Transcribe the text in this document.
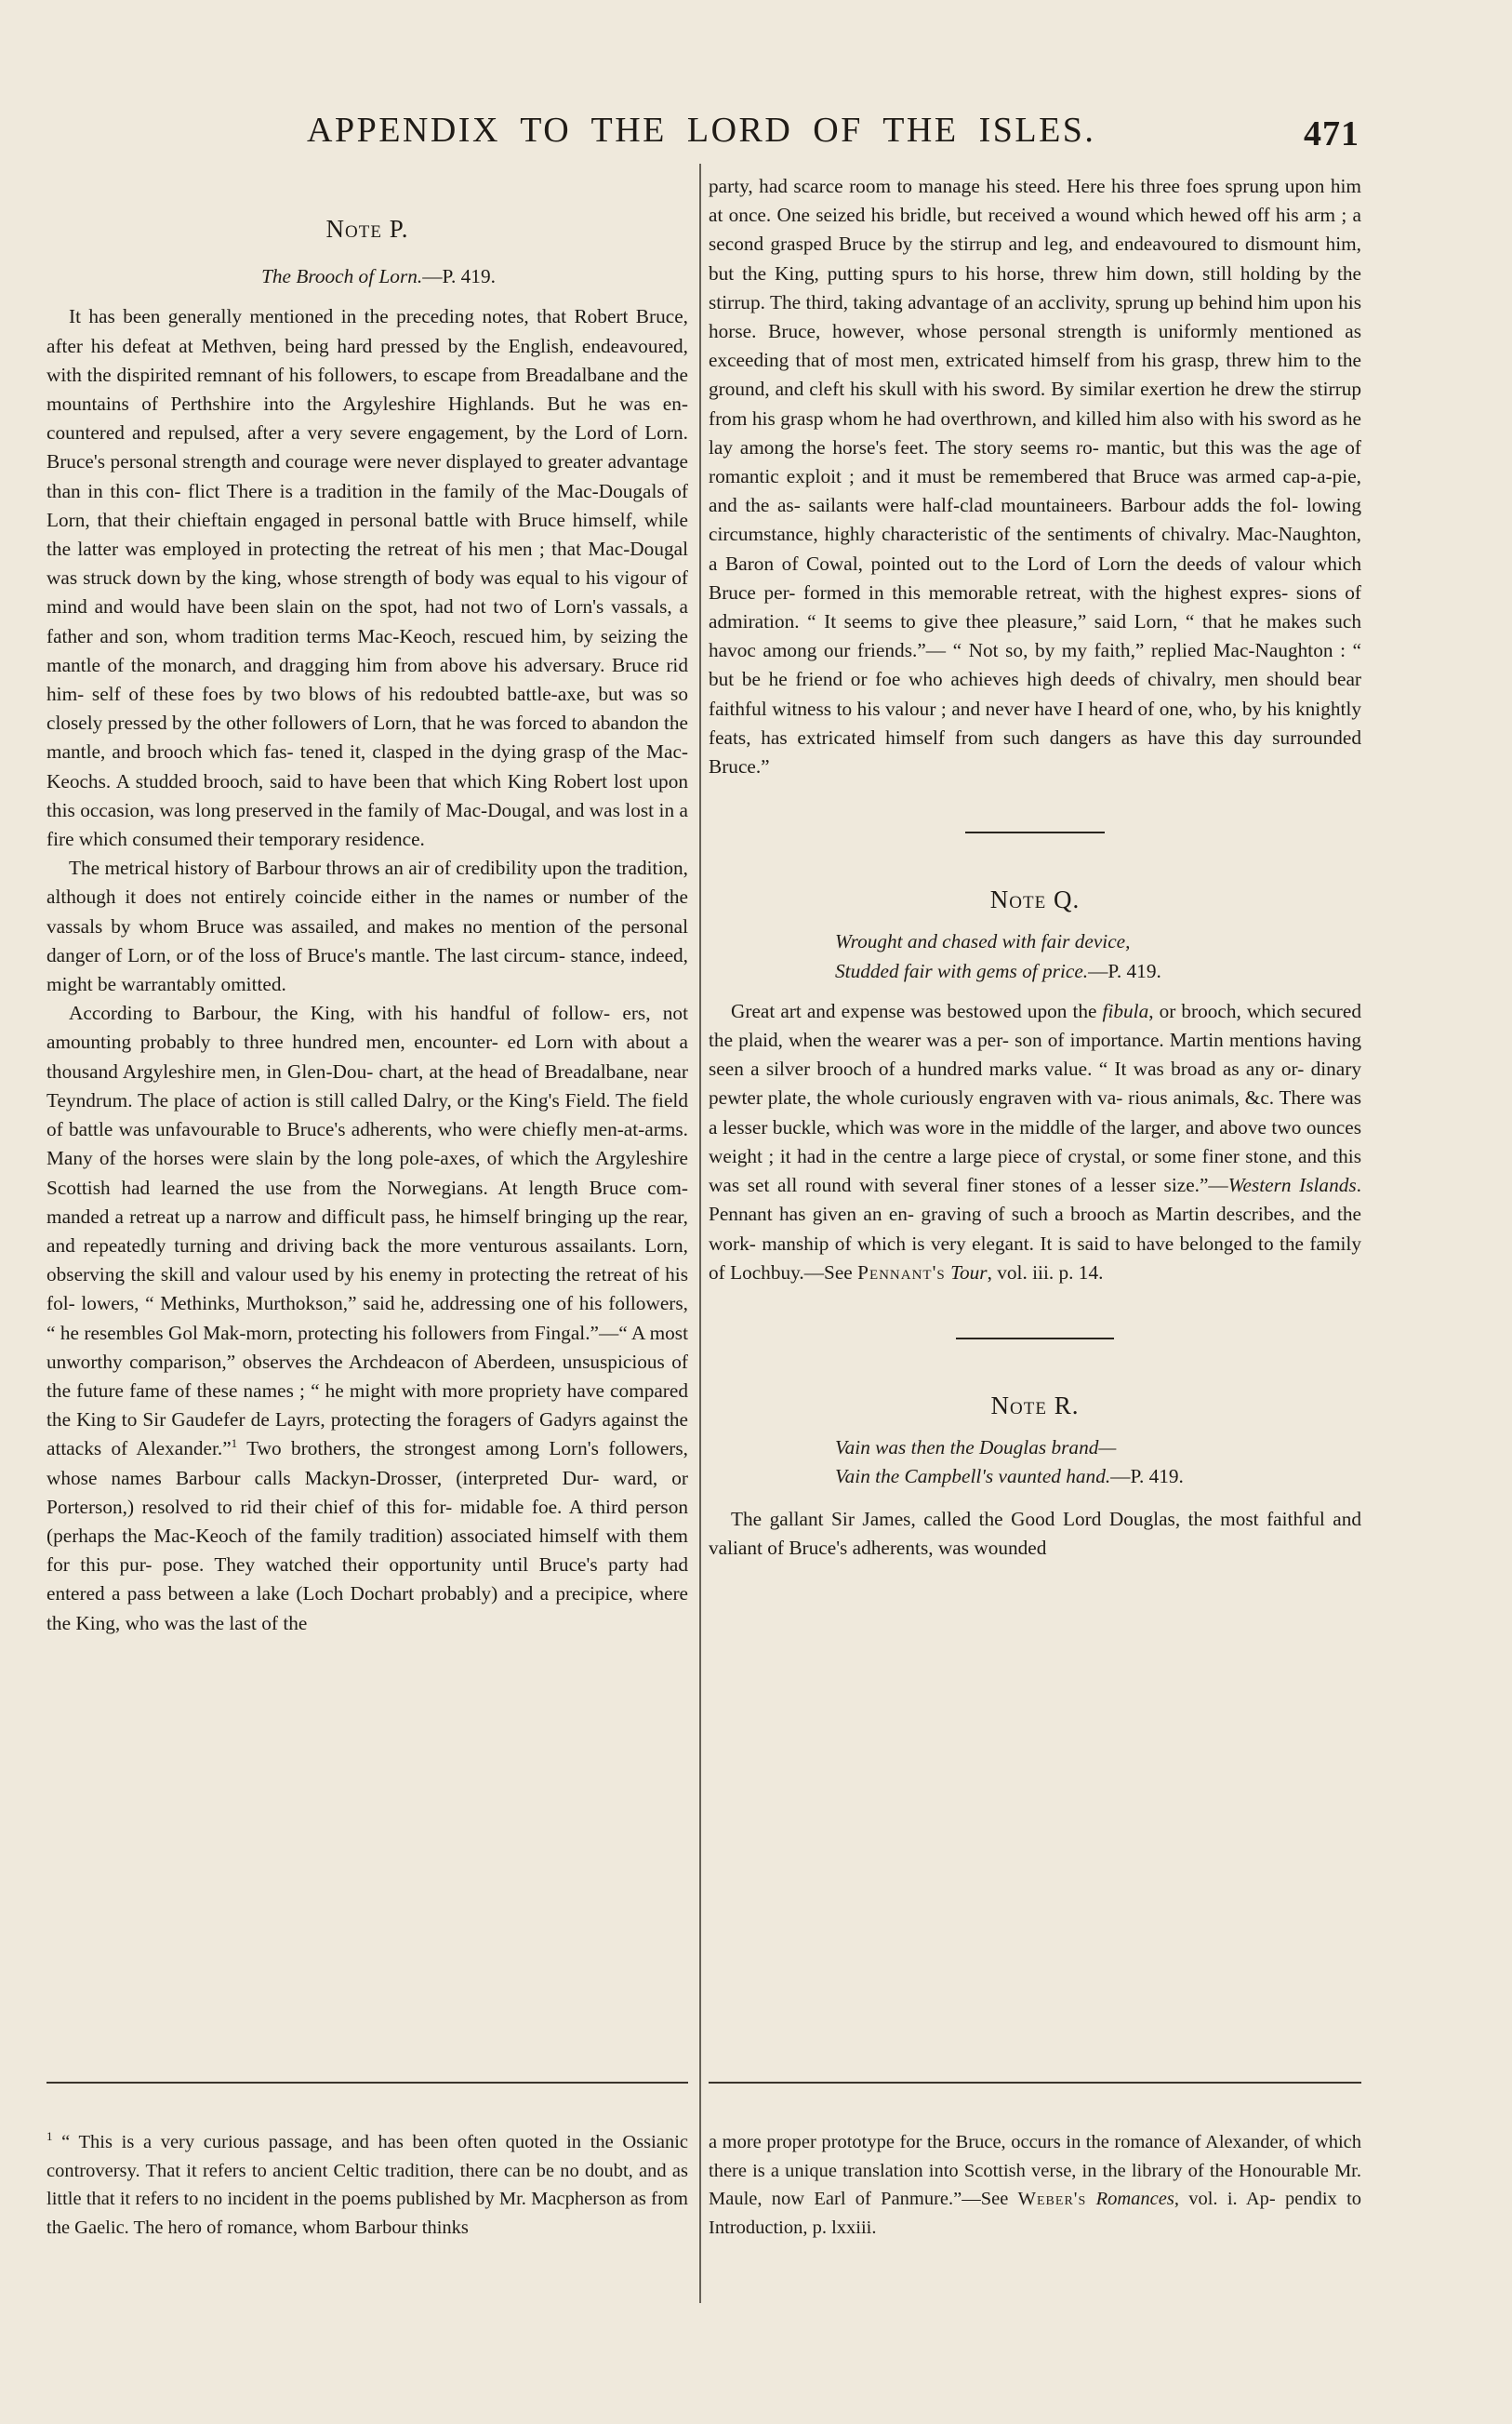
APPENDIX TO THE LORD OF THE ISLES.	471
Note P.

The Brooch of Lorn.—P. 419.

It has been generally mentioned in the preceding notes, that Robert Bruce, after his defeat at Methven, being hard pressed by the English, endeavoured, with the dispirited remnant of his followers, to escape from Breadalbane and the mountains of Perthshire into the Argyleshire Highlands. But he was en- countered and repulsed, after a very severe engagement, by the Lord of Lorn. Bruce's personal strength and courage were never displayed to greater advantage than in this con- flict There is a tradition in the family of the Mac-Dougals of Lorn, that their chieftain engaged in personal battle with Bruce himself, while the latter was employed in protecting the retreat of his men ; that Mac-Dougal was struck down by the king, whose strength of body was equal to his vigour of mind and would have been slain on the spot, had not two of Lorn's vassals, a father and son, whom tradition terms Mac-Keoch, rescued him, by seizing the mantle of the monarch, and dragging him from above his adversary. Bruce rid him- self of these foes by two blows of his redoubted battle-axe, but was so closely pressed by the other followers of Lorn, that he was forced to abandon the mantle, and brooch which fas- tened it, clasped in the dying grasp of the Mac-Keochs. A studded brooch, said to have been that which King Robert lost upon this occasion, was long preserved in the family of Mac-Dougal, and was lost in a fire which consumed their temporary residence.

The metrical history of Barbour throws an air of credibility upon the tradition, although it does not entirely coincide either in the names or number of the vassals by whom Bruce was assailed, and makes no mention of the personal danger of Lorn, or of the loss of Bruce's mantle. The last circum- stance, indeed, might be warrantably omitted.

According to Barbour, the King, with his handful of follow- ers, not amounting probably to three hundred men, encounter- ed Lorn with about a thousand Argyleshire men, in Glen-Dou- chart, at the head of Breadalbane, near Teyndrum. The place of action is still called Dalry, or the King's Field. The field of battle was unfavourable to Bruce's adherents, who were chiefly men-at-arms. Many of the horses were slain by the long pole-axes, of which the Argyleshire Scottish had learned the use from the Norwegians. At length Bruce com- manded a retreat up a narrow and difficult pass, he himself bringing up the rear, and repeatedly turning and driving back the more venturous assailants. Lorn, observing the skill and valour used by his enemy in protecting the retreat of his fol- lowers, “ Methinks, Murthokson,” said he, addressing one of his followers, “ he resembles Gol Mak-morn, protecting his followers from Fingal.”—“ A most unworthy comparison,” observes the Archdeacon of Aberdeen, unsuspicious of the future fame of these names ; “ he might with more propriety have compared the King to Sir Gaudefer de Layrs, protecting the foragers of Gadyrs against the attacks of Alexander.”$^1$ Two brothers, the strongest among Lorn's followers, whose names Barbour calls Mackyn-Drosser, (interpreted Dur- ward, or Porterson,) resolved to rid their chief of this for- midable foe. A third person (perhaps the Mac-Keoch of the family tradition) associated himself with them for this pur- pose. They watched their opportunity until Bruce's party had entered a pass between a lake (Loch Dochart probably) and a precipice, where the King, who was the last of the

party, had scarce room to manage his steed. Here his three foes sprung upon him at once. One seized his bridle, but received a wound which hewed off his arm ; a second grasped Bruce by the stirrup and leg, and endeavoured to dismount him, but the King, putting spurs to his horse, threw him down, still holding by the stirrup. The third, taking advantage of an acclivity, sprung up behind him upon his horse. Bruce, however, whose personal strength is uniformly mentioned as exceeding that of most men, extricated himself from his grasp, threw him to the ground, and cleft his skull with his sword. By similar exertion he drew the stirrup from his grasp whom he had overthrown, and killed him also with his sword as he lay among the horse's feet. The story seems ro- mantic, but this was the age of romantic exploit ; and it must be remembered that Bruce was armed cap-a-pie, and the as- sailants were half-clad mountaineers. Barbour adds the fol- lowing circumstance, highly characteristic of the sentiments of chivalry. Mac-Naughton, a Baron of Cowal, pointed out to the Lord of Lorn the deeds of valour which Bruce per- formed in this memorable retreat, with the highest expres- sions of admiration. “ It seems to give thee pleasure,” said Lorn, “ that he makes such havoc among our friends.”— “ Not so, by my faith,” replied Mac-Naughton : “ but be he friend or foe who achieves high deeds of chivalry, men should bear faithful witness to his valour ; and never have I heard of one, who, by his knightly feats, has extricated himself from such dangers as have this day surrounded Bruce.”

Note Q.
Wrought and chased with fair device,
Studded fair with gems of price.—P. 419.

Great art and expense was bestowed upon the fibula, or brooch, which secured the plaid, when the wearer was a per- son of importance. Martin mentions having seen a silver brooch of a hundred marks value. “ It was broad as any or- dinary pewter plate, the whole curiously engraven with va- rious animals, &c. There was a lesser buckle, which was wore in the middle of the larger, and above two ounces weight ; it had in the centre a large piece of crystal, or some finer stone, and this was set all round with several finer stones of a lesser size.”—Western Islands. Pennant has given an en- graving of such a brooch as Martin describes, and the work- manship of which is very elegant. It is said to have belonged to the family of Lochbuy.—See Pennant's Tour, vol. iii. p. 14.

Note R.
Vain was then the Douglas brand—
Vain the Campbell's vaunted hand.—P. 419.

The gallant Sir James, called the Good Lord Douglas, the most faithful and valiant of Bruce's adherents, was wounded

$^1$ “ This is a very curious passage, and has been often quoted in the Ossianic controversy. That it refers to ancient Celtic tradition, there can be no doubt, and as little that it refers to no incident in the poems published by Mr. Macpherson as from the Gaelic. The hero of romance, whom Barbour thinks

a more proper prototype for the Bruce, occurs in the romance of Alexander, of which there is a unique translation into Scottish verse, in the library of the Honourable Mr. Maule, now Earl of Panmure.”—See Weber's Romances, vol. i. Ap- pendix to Introduction, p. lxxiii.
